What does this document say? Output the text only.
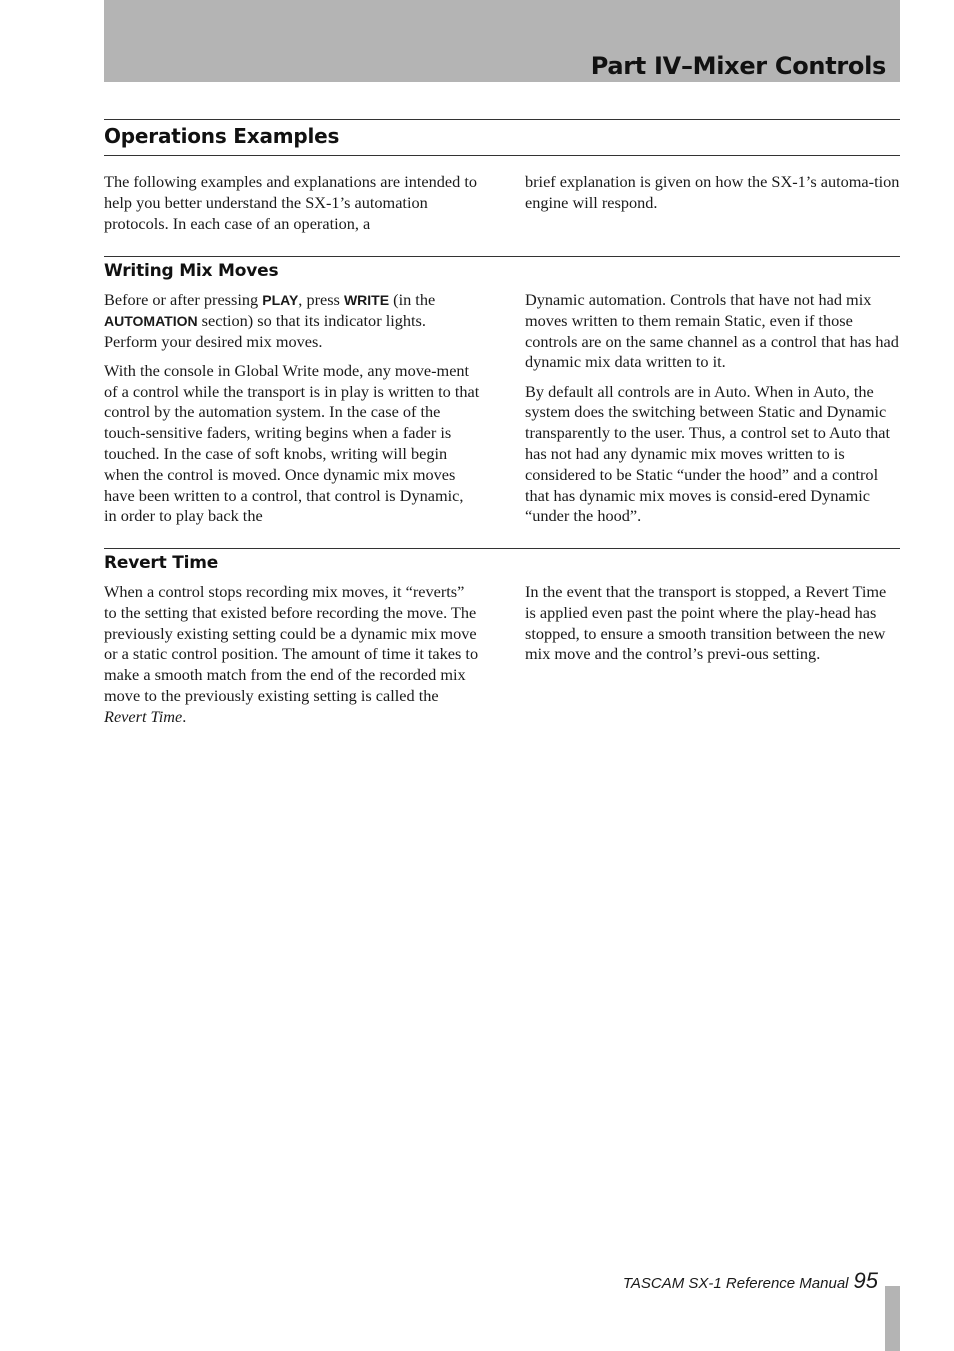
Part IV–Mixer Controls
Operations Examples

The following examples and explanations are intended to help you better understand the SX-1’s automation protocols. In each case of an operation, a

brief explanation is given on how the SX-1’s automa-tion engine will respond.

Writing Mix Moves

Before or after pressing PLAY, press WRITE (in the AUTOMATION section) so that its indicator lights. Perform your desired mix moves.

With the console in Global Write mode, any move-ment of a control while the transport is in play is written to that control by the automation system. In the case of the touch-sensitive faders, writing begins when a fader is touched. In the case of soft knobs, writing will begin when the control is moved. Once dynamic mix moves have been written to a control, that control is Dynamic, in order to play back the

Dynamic automation. Controls that have not had mix moves written to them remain Static, even if those controls are on the same channel as a control that has had dynamic mix data written to it.

By default all controls are in Auto. When in Auto, the system does the switching between Static and Dynamic transparently to the user. Thus, a control set to Auto that has not had any dynamic mix moves written to is considered to be Static “under the hood” and a control that has dynamic mix moves is consid-ered Dynamic “under the hood”.

Revert Time

When a control stops recording mix moves, it “reverts” to the setting that existed before recording the move. The previously existing setting could be a dynamic mix move or a static control position. The amount of time it takes to make a smooth match from the end of the recorded mix move to the previously existing setting is called the Revert Time.

In the event that the transport is stopped, a Revert Time is applied even past the point where the play-head has stopped, to ensure a smooth transition between the new mix move and the control’s previ-ous setting.

TASCAM SX-1 Reference Manual 95
